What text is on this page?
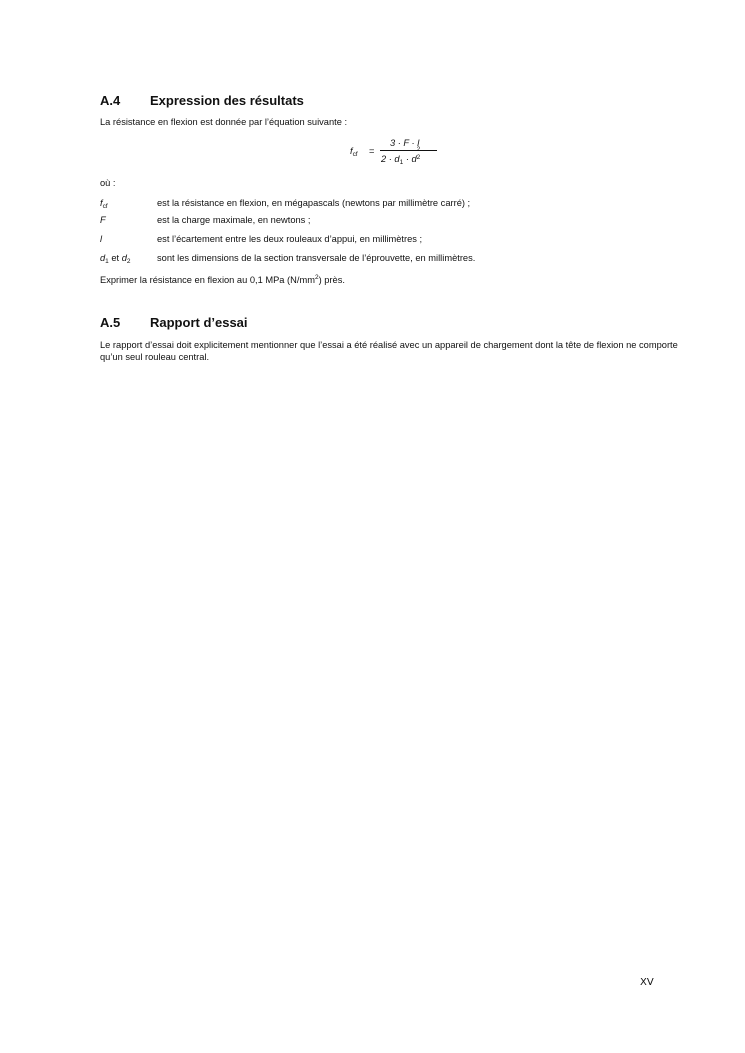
A.4 Expression des résultats
La résistance en flexion est donnée par l’équation suivante :
$f_{cf}$ =
3 · F · l
$2 \cdot d_1 \cdot d$
2
2
où :
$f_{cf}$	est la résistance en flexion, en mégapascals (newtons par millimètre carré) ;
F	est la charge maximale, en newtons ;
l	est l’écartement entre les deux rouleaux d’appui, en millimètres ;
$d_1$ et $d_2$	sont les dimensions de la section transversale de l’éprouvette, en millimètres.
Exprimer la résistance en flexion au 0,1 MPa $(N/mm^2)$ près.
A.5 Rapport d’essai
Le rapport d’essai doit explicitement mentionner que l’essai a été réalisé avec un appareil de chargement dont la tête de flexion ne comporte qu’un seul rouleau central.
XV
